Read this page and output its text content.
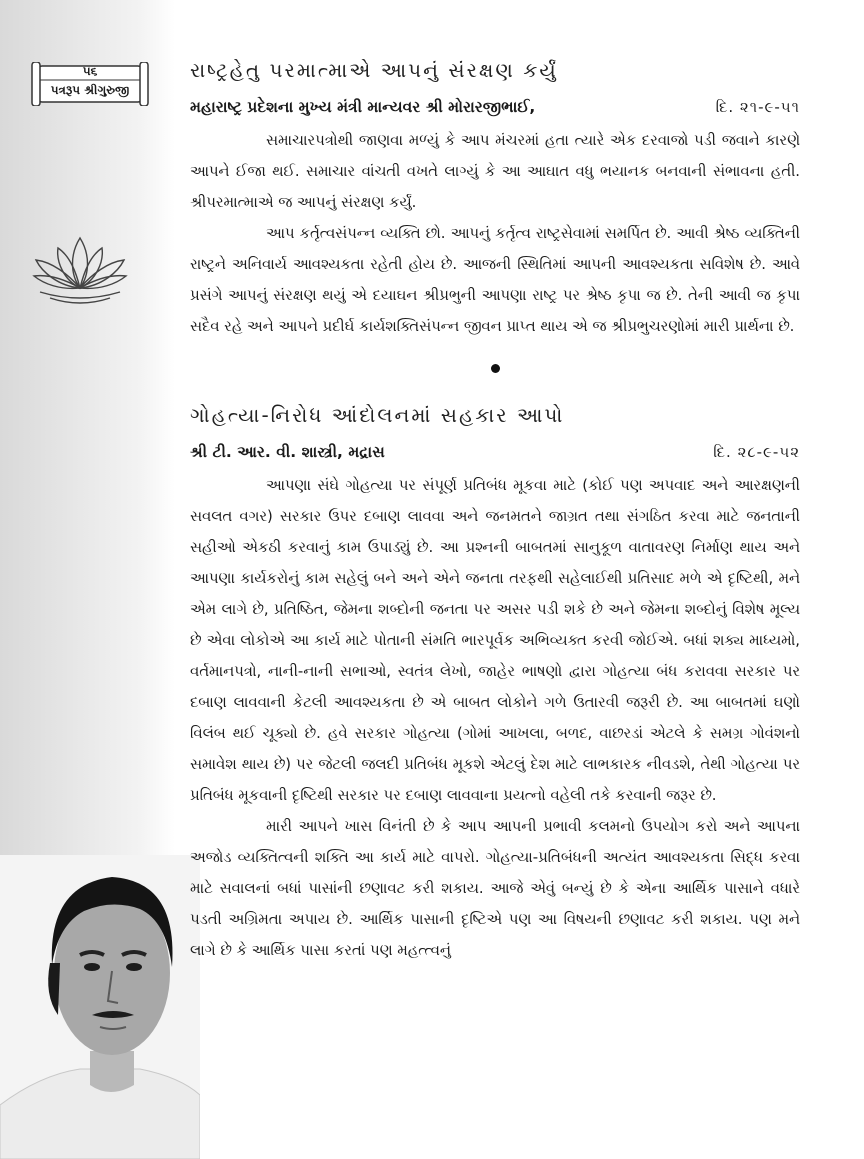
૫૬
પત્રરૂપ શ્રીગુરુજી
રાષ્ટ્રહેતુ પરમાત્માએ આપનું સંરક્ષણ કર્યું
મહારાષ્ટ્ર પ્રદેશના મુખ્ય મંત્રી માન્યવર શ્રી મોરારજીભાઈ,	દિ. ૨૧-૯-૫૧

સમાચારપત્રોથી જાણવા મળ્યું કે આપ મંચરમાં હતા ત્યારે એક દરવાજો પડી જવાને કારણે આપને ઈજા થઈ. સમાચાર વાંચતી વખતે લાગ્યું કે આ આઘાત વધુ ભયાનક બનવાની સંભાવના હતી. શ્રીપરમાત્માએ જ આપનું સંરક્ષણ કર્યું.

આપ કર્તૃત્વસંપન્ન વ્યક્તિ છો. આપનું કર્તૃત્વ રાષ્ટ્રસેવામાં સમર્પિત છે. આવી શ્રેષ્ઠ વ્યક્તિની રાષ્ટ્રને અનિવાર્ય આવશ્યકતા રહેતી હોય છે. આજની સ્થિતિમાં આપની આવશ્યકતા સવિશેષ છે. આવે પ્રસંગે આપનું સંરક્ષણ થયું એ દયાઘન શ્રીપ્રભુની આપણા રાષ્ટ્ર પર શ્રેષ્ઠ કૃપા જ છે. તેની આવી જ કૃપા સદૈવ રહે અને આપને પ્રદીર્ઘ કાર્યશક્તિસંપન્ન જીવન પ્રાપ્ત થાય એ જ શ્રીપ્રભુચરણોમાં મારી પ્રાર્થના છે.

ગોહત્યા-નિરોધ આંદોલનમાં સહકાર આપો
શ્રી ટી. આર. વી. શાસ્ત્રી, મદ્રાસ	દિ. ૨૮-૯-૫૨

આપણા સંઘે ગોહત્યા પર સંપૂર્ણ પ્રતિબંધ મૂકવા માટે (કોઈ પણ અપવાદ અને આરક્ષણની સવલત વગર) સરકાર ઉપર દબાણ લાવવા અને જનમતને જાગ્રત તથા સંગઠિત કરવા માટે જનતાની સહીઓ એકઠી કરવાનું કામ ઉપાડ્યું છે. આ પ્રશ્નની બાબતમાં સાનુકૂળ વાતાવરણ નિર્માણ થાય અને આપણા કાર્યકરોનું કામ સહેલું બને અને એને જનતા તરફથી સહેલાઈથી પ્રતિસાદ મળે એ દૃષ્ટિથી, મને એમ લાગે છે, પ્રતિષ્ઠિત, જેમના શબ્દોની જનતા પર અસર પડી શકે છે અને જેમના શબ્દોનું વિશેષ મૂલ્ય છે એવા લોકોએ આ કાર્ય માટે પોતાની સંમતિ ભારપૂર્વક અભિવ્યક્ત કરવી જોઈએ. બધાં શક્ય માધ્યમો, વર્તમાનપત્રો, નાની-નાની સભાઓ, સ્વતંત્ર લેખો, જાહેર ભાષણો દ્વારા ગોહત્યા બંધ કરાવવા સરકાર પર દબાણ લાવવાની કેટલી આવશ્યકતા છે એ બાબત લોકોને ગળે ઉતારવી જરૂરી છે. આ બાબતમાં ઘણો વિલંબ થઈ ચૂક્યો છે. હવે સરકાર ગોહત્યા (ગોમાં આખલા, બળદ, વાછરડાં એટલે કે સમગ્ર ગોવંશનો સમાવેશ થાય છે) પર જેટલી જલદી પ્રતિબંધ મૂકશે એટલું દેશ માટે લાભકારક નીવડશે, તેથી ગોહત્યા પર પ્રતિબંધ મૂકવાની દૃષ્ટિથી સરકાર પર દબાણ લાવવાના પ્રયત્નો વહેલી તકે કરવાની જરૂર છે.

મારી આપને ખાસ વિનંતી છે કે આપ આપની પ્રભાવી કલમનો ઉપયોગ કરો અને આપના અજોડ વ્યક્તિત્વની શક્તિ આ કાર્ય માટે વાપરો. ગોહત્યા-પ્રતિબંધની અત્યંત આવશ્યકતા સિદ્ધ કરવા માટે સવાલનાં બધાં પાસાંની છણાવટ કરી શકાય. આજે એવું બન્યું છે કે એના આર્થિક પાસાને વધારે પડતી અગ્રિમતા અપાય છે. આર્થિક પાસાની દૃષ્ટિએ પણ આ વિષયની છણાવટ કરી શકાય. પણ મને લાગે છે કે આર્થિક પાસા કરતાં પણ મહત્ત્વનું
